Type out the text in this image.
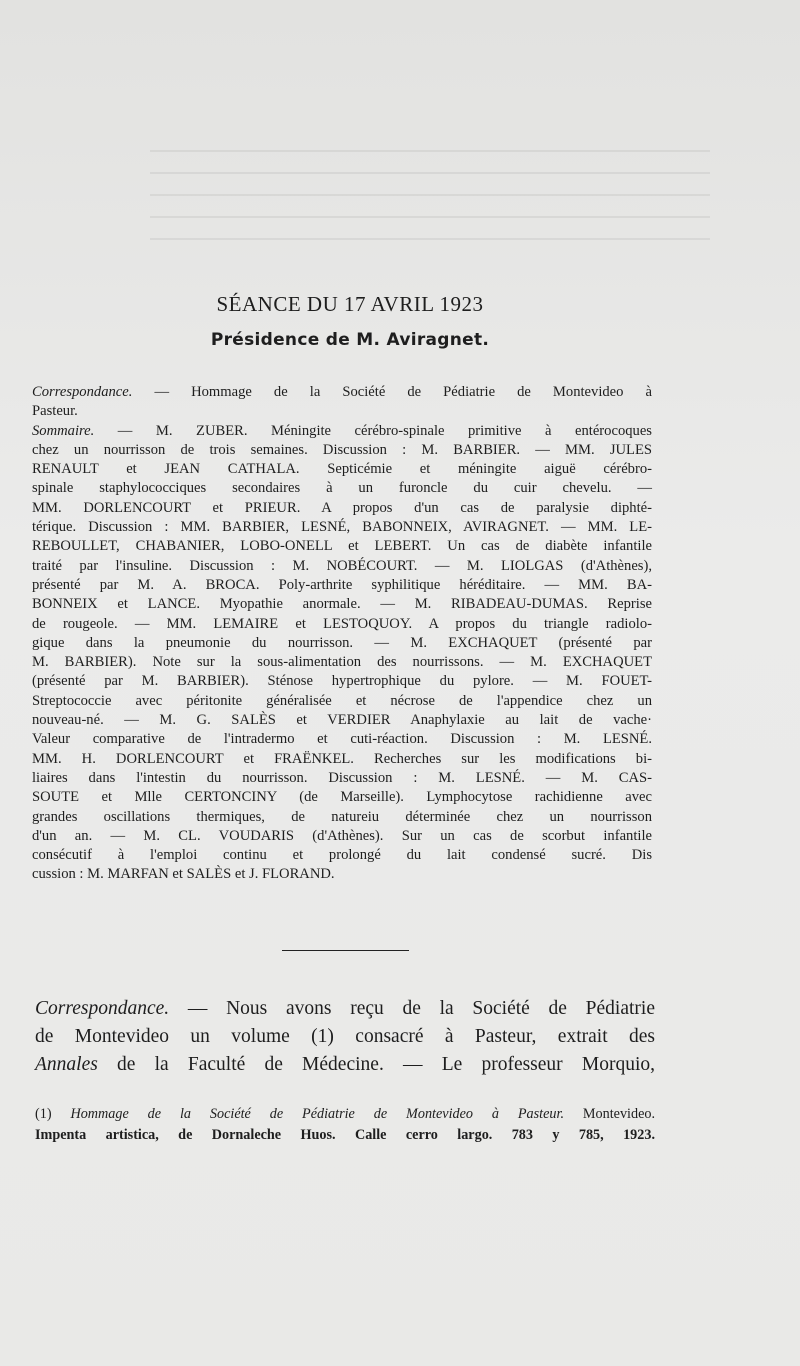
SÉANCE DU 17 AVRIL 1923
Présidence de M. Aviragnet.
Correspondance. — Hommage de la Société de Pédiatrie de Montevideo à
Pasteur.
Sommaire. — M. ZUBER. Méningite cérébro-spinale primitive à entérocoques
chez un nourrisson de trois semaines. Discussion : M. BARBIER. — MM. JULES
RENAULT et JEAN CATHALA. Septicémie et méningite aiguë cérébro-
spinale staphylococciques secondaires à un furoncle du cuir chevelu. —
MM. DORLENCOURT et PRIEUR. A propos d'un cas de paralysie diphté-
térique. Discussion : MM. BARBIER, LESNÉ, BABONNEIX, AVIRAGNET. — MM. LE-
REBOULLET, CHABANIER, LOBO-ONELL et LEBERT. Un cas de diabète infantile
traité par l'insuline. Discussion : M. NOBÉCOURT. — M. LIOLGAS (d'Athènes),
présenté par M. A. BROCA. Poly-arthrite syphilitique héréditaire. — MM. BA-
BONNEIX et LANCE. Myopathie anormale. — M. RIBADEAU-DUMAS. Reprise
de rougeole. — MM. LEMAIRE et LESTOQUOY. A propos du triangle radiolo-
gique dans la pneumonie du nourrisson. — M. EXCHAQUET (présenté par
M. BARBIER). Note sur la sous-alimentation des nourrissons. — M. EXCHAQUET
(présenté par M. BARBIER). Sténose hypertrophique du pylore. — M. FOUET-
Streptococcie avec péritonite généralisée et nécrose de l'appendice chez un
nouveau-né. — M. G. SALÈS et VERDIER Anaphylaxie au lait de vache·
Valeur comparative de l'intradermo et cuti-réaction. Discussion : M. LESNÉ.
MM. H. DORLENCOURT et FRAËNKEL. Recherches sur les modifications bi-
liaires dans l'intestin du nourrisson. Discussion : M. LESNÉ. — M. CAS-
SOUTE et Mlle CERTONCINY (de Marseille). Lymphocytose rachidienne avec
grandes oscillations thermiques, de natureiu déterminée chez un nourrisson
d'un an. — M. CL. VOUDARIS (d'Athènes). Sur un cas de scorbut infantile
consécutif à l'emploi continu et prolongé du lait condensé sucré. Dis
cussion : M. MARFAN et SALÈS et J. FLORAND.
Correspondance. — Nous avons reçu de la Société de Pédiatrie
de Montevideo un volume (1) consacré à Pasteur, extrait des
Annales de la Faculté de Médecine. — Le professeur Morquio,
(1) Hommage de la Société de Pédiatrie de Montevideo à Pasteur. Montevideo.
Impenta artistica, de Dornaleche Huos. Calle cerro largo. 783 y 785, 1923.
